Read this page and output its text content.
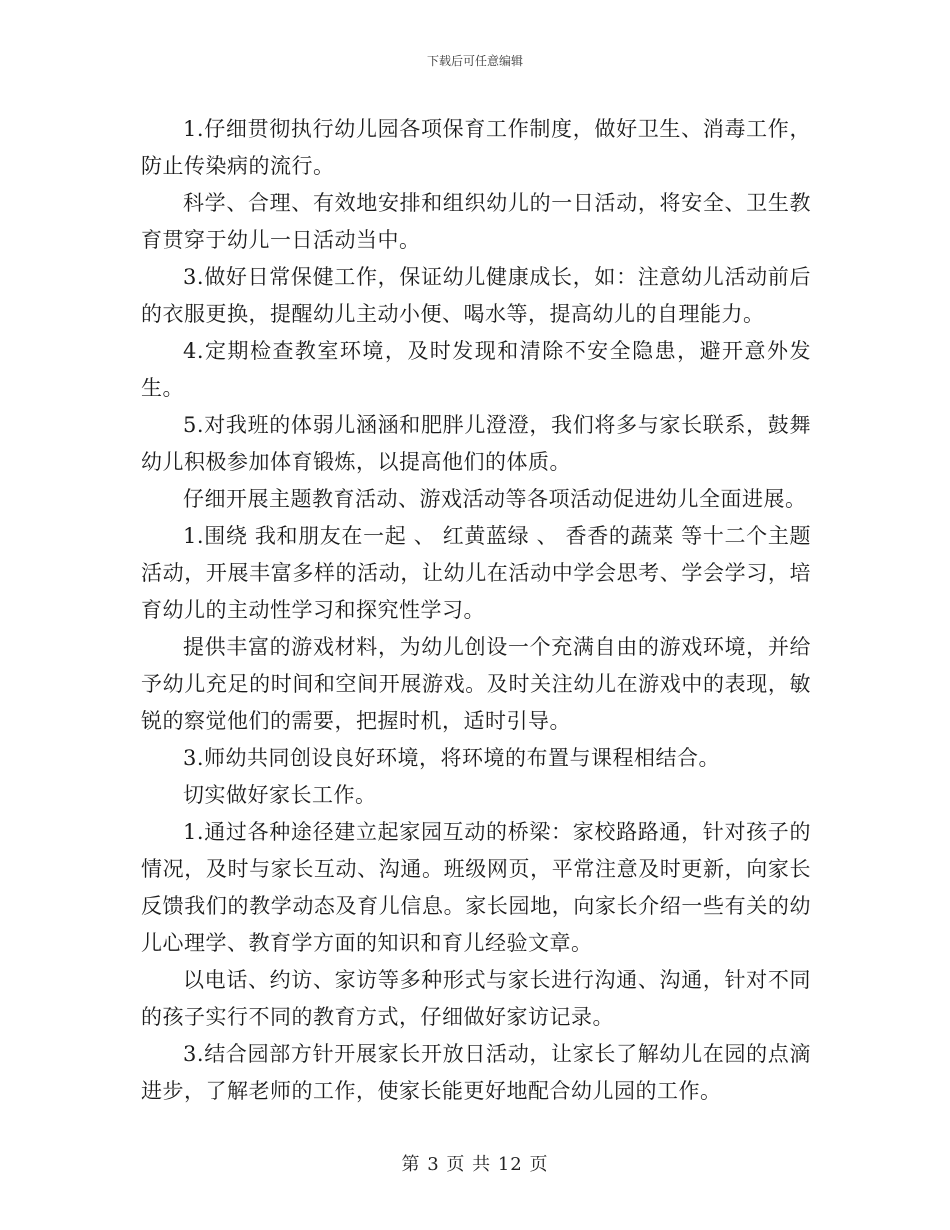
下载后可任意编辑

1.仔细贯彻执行幼儿园各项保育工作制度，做好卫生、消毒工作，防止传染病的流行。

科学、合理、有效地安排和组织幼儿的一日活动，将安全、卫生教育贯穿于幼儿一日活动当中。

3.做好日常保健工作，保证幼儿健康成长，如：注意幼儿活动前后的衣服更换，提醒幼儿主动小便、喝水等，提高幼儿的自理能力。

4.定期检查教室环境，及时发现和清除不安全隐患，避开意外发生。

5.对我班的体弱儿涵涵和肥胖儿澄澄，我们将多与家长联系，鼓舞幼儿积极参加体育锻炼，以提高他们的体质。

仔细开展主题教育活动、游戏活动等各项活动促进幼儿全面进展。

1.围绕 我和朋友在一起 、 红黄蓝绿 、 香香的蔬菜 等十二个主题活动，开展丰富多样的活动，让幼儿在活动中学会思考、学会学习，培育幼儿的主动性学习和探究性学习。

提供丰富的游戏材料，为幼儿创设一个充满自由的游戏环境，并给予幼儿充足的时间和空间开展游戏。及时关注幼儿在游戏中的表现，敏锐的察觉他们的需要，把握时机，适时引导。

3.师幼共同创设良好环境，将环境的布置与课程相结合。

切实做好家长工作。

1.通过各种途径建立起家园互动的桥梁：家校路路通，针对孩子的情况，及时与家长互动、沟通。班级网页，平常注意及时更新，向家长反馈我们的教学动态及育儿信息。家长园地，向家长介绍一些有关的幼儿心理学、教育学方面的知识和育儿经验文章。

以电话、约访、家访等多种形式与家长进行沟通、沟通，针对不同的孩子实行不同的教育方式，仔细做好家访记录。

3.结合园部方针开展家长开放日活动，让家长了解幼儿在园的点滴进步，了解老师的工作，使家长能更好地配合幼儿园的工作。

第 3 页 共 12 页
